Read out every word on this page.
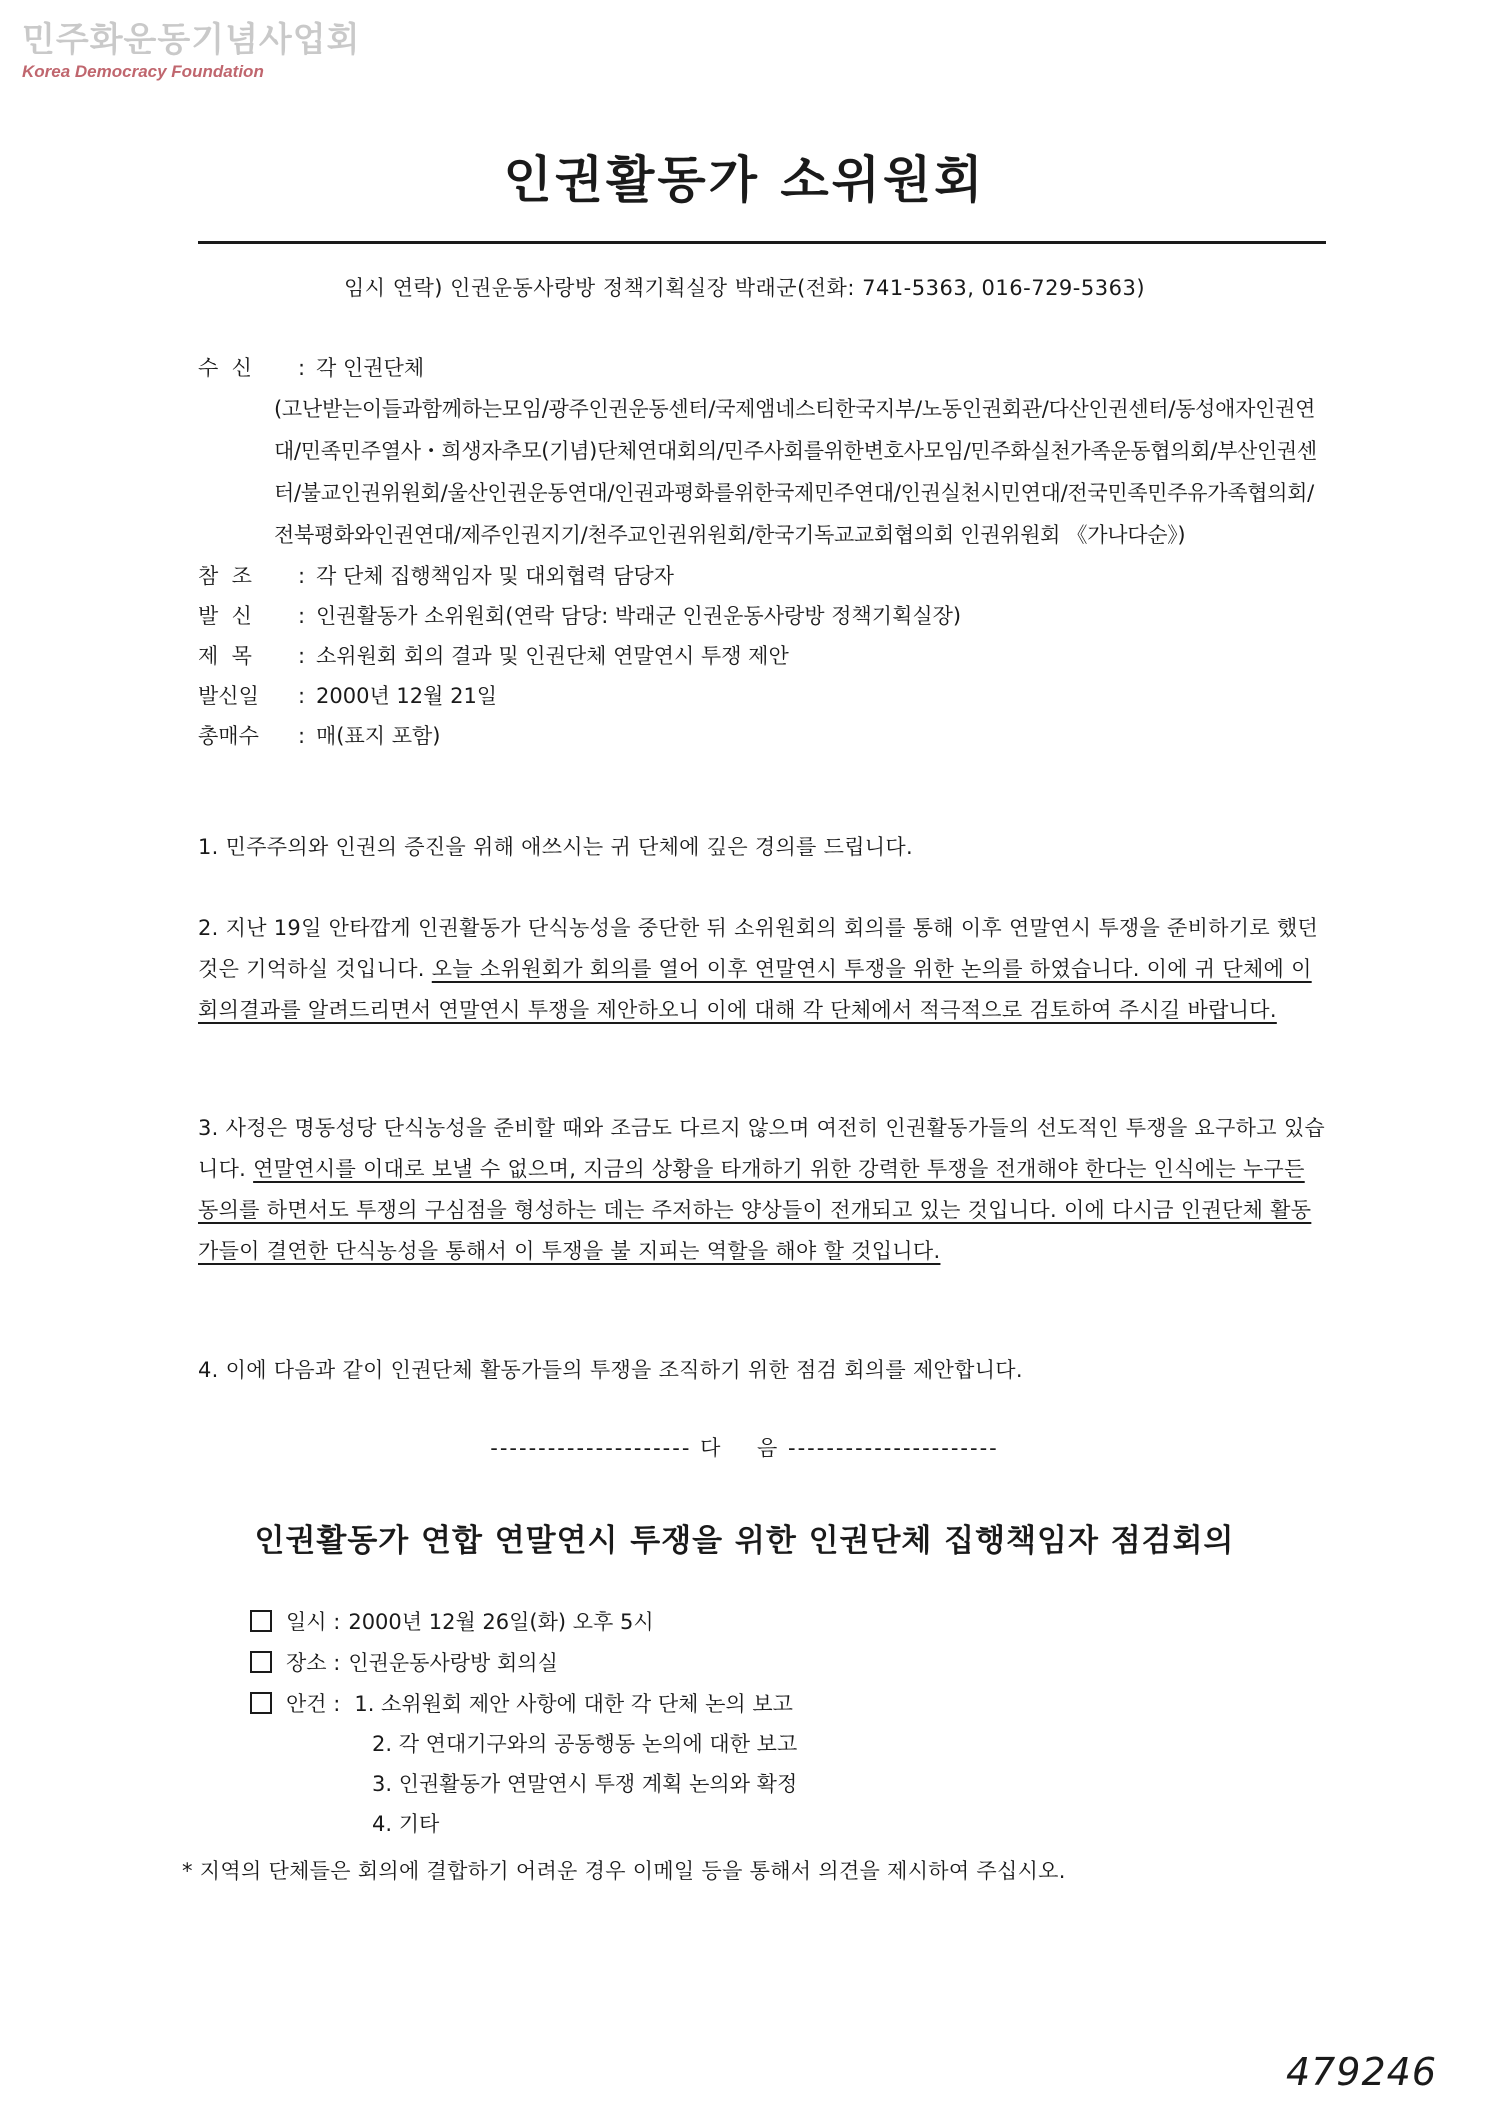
민주화운동기념사업회
Korea Democracy Foundation
인권활동가 소위원회
임시 연락) 인권운동사랑방 정책기획실장 박래군(전화: 741-5363, 016-729-5363)
수  신	: 각 인권단체
(고난받는이들과함께하는모임/광주인권운동센터/국제앰네스티한국지부/노동인권회관/다산인권센터/동성애자인권연대/민족민주열사・희생자추모(기념)단체연대회의/민주사회를위한변호사모임/민주화실천가족운동협의회/부산인권센터/불교인권위원회/울산인권운동연대/인권과평화를위한국제민주연대/인권실천시민연대/전국민족민주유가족협의회/전북평화와인권연대/제주인권지기/천주교인권위원회/한국기독교교회협의회 인권위원회 《가나다순》)
참  조	: 각 단체 집행책임자 및 대외협력 담당자
발  신	: 인권활동가 소위원회(연락 담당: 박래군 인권운동사랑방 정책기획실장)
제  목	: 소위원회 회의 결과 및 인권단체 연말연시 투쟁 제안
발신일	: 2000년 12월 21일
총매수	: 매(표지 포함)
1. 민주주의와 인권의 증진을 위해 애쓰시는 귀 단체에 깊은 경의를 드립니다.
2. 지난 19일 안타깝게 인권활동가 단식농성을 중단한 뒤 소위원회의 회의를 통해 이후 연말연시 투쟁을 준비하기로 했던 것은 기억하실 것입니다. 오늘 소위원회가 회의를 열어 이후 연말연시 투쟁을 위한 논의를 하였습니다. 이에 귀 단체에 이 회의결과를 알려드리면서 연말연시 투쟁을 제안하오니 이에 대해 각 단체에서 적극적으로 검토하여 주시길 바랍니다.
3. 사정은 명동성당 단식농성을 준비할 때와 조금도 다르지 않으며 여전히 인권활동가들의 선도적인 투쟁을 요구하고 있습니다. 연말연시를 이대로 보낼 수 없으며, 지금의 상황을 타개하기 위한 강력한 투쟁을 전개해야 한다는 인식에는 누구든 동의를 하면서도 투쟁의 구심점을 형성하는 데는 주저하는 양상들이 전개되고 있는 것입니다. 이에 다시금 인권단체 활동가들이 결연한 단식농성을 통해서 이 투쟁을 불 지피는 역할을 해야 할 것입니다.
4. 이에 다음과 같이 인권단체 활동가들의 투쟁을 조직하기 위한 점검 회의를 제안합니다.
--------------------- 다    음 ----------------------
인권활동가 연합 연말연시 투쟁을 위한 인권단체 집행책임자 점검회의
일시 : 2000년 12월 26일(화) 오후 5시
장소 : 인권운동사랑방 회의실
안건 : 1. 소위원회 제안 사항에 대한 각 단체 논의 보고
2. 각 연대기구와의 공동행동 논의에 대한 보고
3. 인권활동가 연말연시 투쟁 계획 논의와 확정
4. 기타
* 지역의 단체들은 회의에 결합하기 어려운 경우 이메일 등을 통해서 의견을 제시하여 주십시오.
479246
